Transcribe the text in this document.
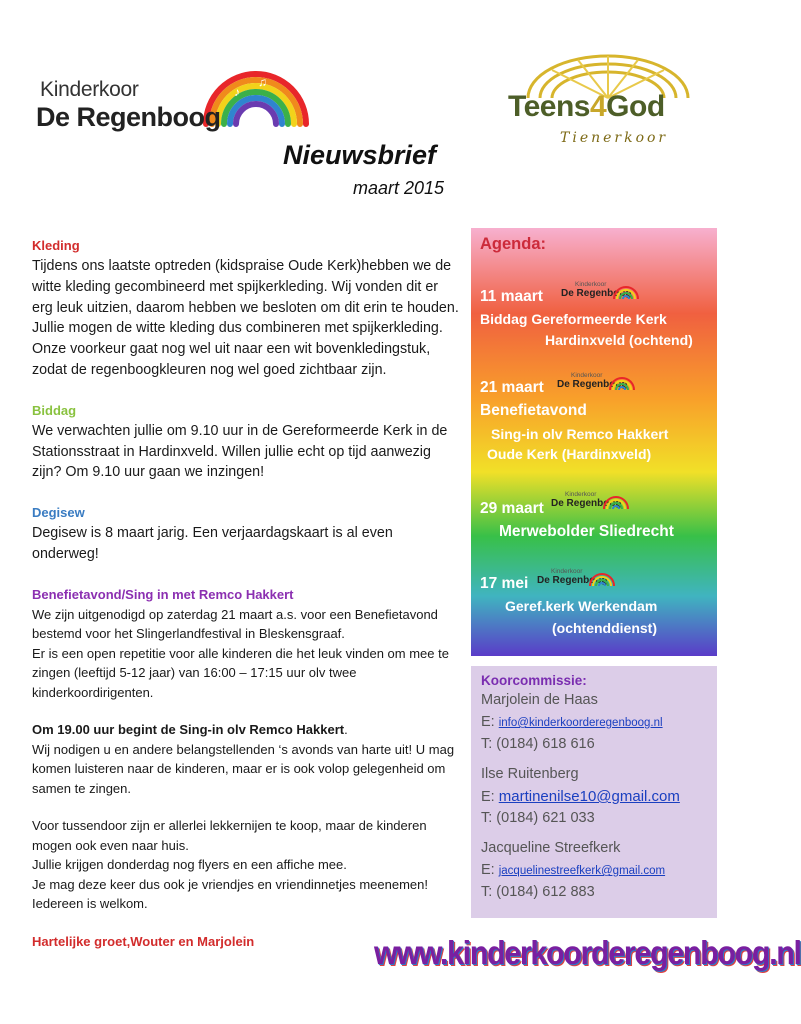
♪
♫
Kinderkoor
De Regenboog	Teens4God
Tienerkoor
Nieuwsbrief
maart 2015
Kleding

Tijdens ons laatste optreden (kidspraise Oude Kerk)hebben we de witte kleding gecombineerd met spijkerkleding. Wij vonden dit er erg leuk uitzien, daarom hebben we besloten om dit erin te houden. Jullie mogen de witte kleding dus combineren met spijkerkleding. Onze voorkeur gaat nog wel uit naar een wit bovenkledingstuk, zodat de regenboogkleuren nog wel goed zichtbaar zijn.

Biddag

We verwachten jullie om 9.10 uur in de Gereformeerde Kerk in de Stationsstraat in Hardinxveld. Willen jullie echt op tijd aanwezig zijn? Om 9.10 uur gaan we inzingen!

Degisew

Degisew is 8 maart jarig. Een verjaardagskaart is al even onderweg!

Benefietavond/Sing in met Remco Hakkert

We zijn uitgenodigd op zaterdag 21 maart a.s. voor een Benefietavond bestemd voor het Slingerlandfestival in Bleskensgraaf.

Er is een open repetitie voor alle kinderen die het leuk vinden om mee te zingen (leeftijd 5-12 jaar) van 16:00 – 17:15 uur olv twee kinderkoordirigenten.

Om 19.00 uur begint de Sing-in olv Remco Hakkert.

Wij nodigen u en andere belangstellenden ‘s avonds van harte uit! U mag komen luisteren naar de kinderen, maar er is ook volop gelegenheid om samen te zingen.

Voor tussendoor zijn er allerlei lekkernijen te koop, maar de kinderen mogen ook even naar huis.

Jullie krijgen donderdag nog flyers en een affiche mee.

Je mag deze keer dus ook je vriendjes en vriendinnetjes meenemen! Iedereen is welkom.

Hartelijke groet,Wouter en Marjolein
Agenda:
11 maart
Kinderkoor
De Regenboog
Biddag Gereformeerde Kerk
Hardinxveld (ochtend)
21 maart
Kinderkoor
De Regenboog
Benefietavond
Sing-in olv Remco Hakkert
Oude Kerk (Hardinxveld)
29 maart
Kinderkoor
De Regenboog
Merwebolder Sliedrecht
17 mei
Kinderkoor
De Regenboog
Geref.kerk Werkendam
(ochtenddienst)
Koorcommissie:
Marjolein de Haas
E: info@kinderkoorderegenboog.nl
T: (0184) 618 616
Ilse Ruitenberg
E: martinenilse10@gmail.com
T: (0184) 621 033
Jacqueline Streefkerk
E: jacquelinestreefkerk@gmail.com
T: (0184) 612 883
www.kinderkoorderegenboog.nl
